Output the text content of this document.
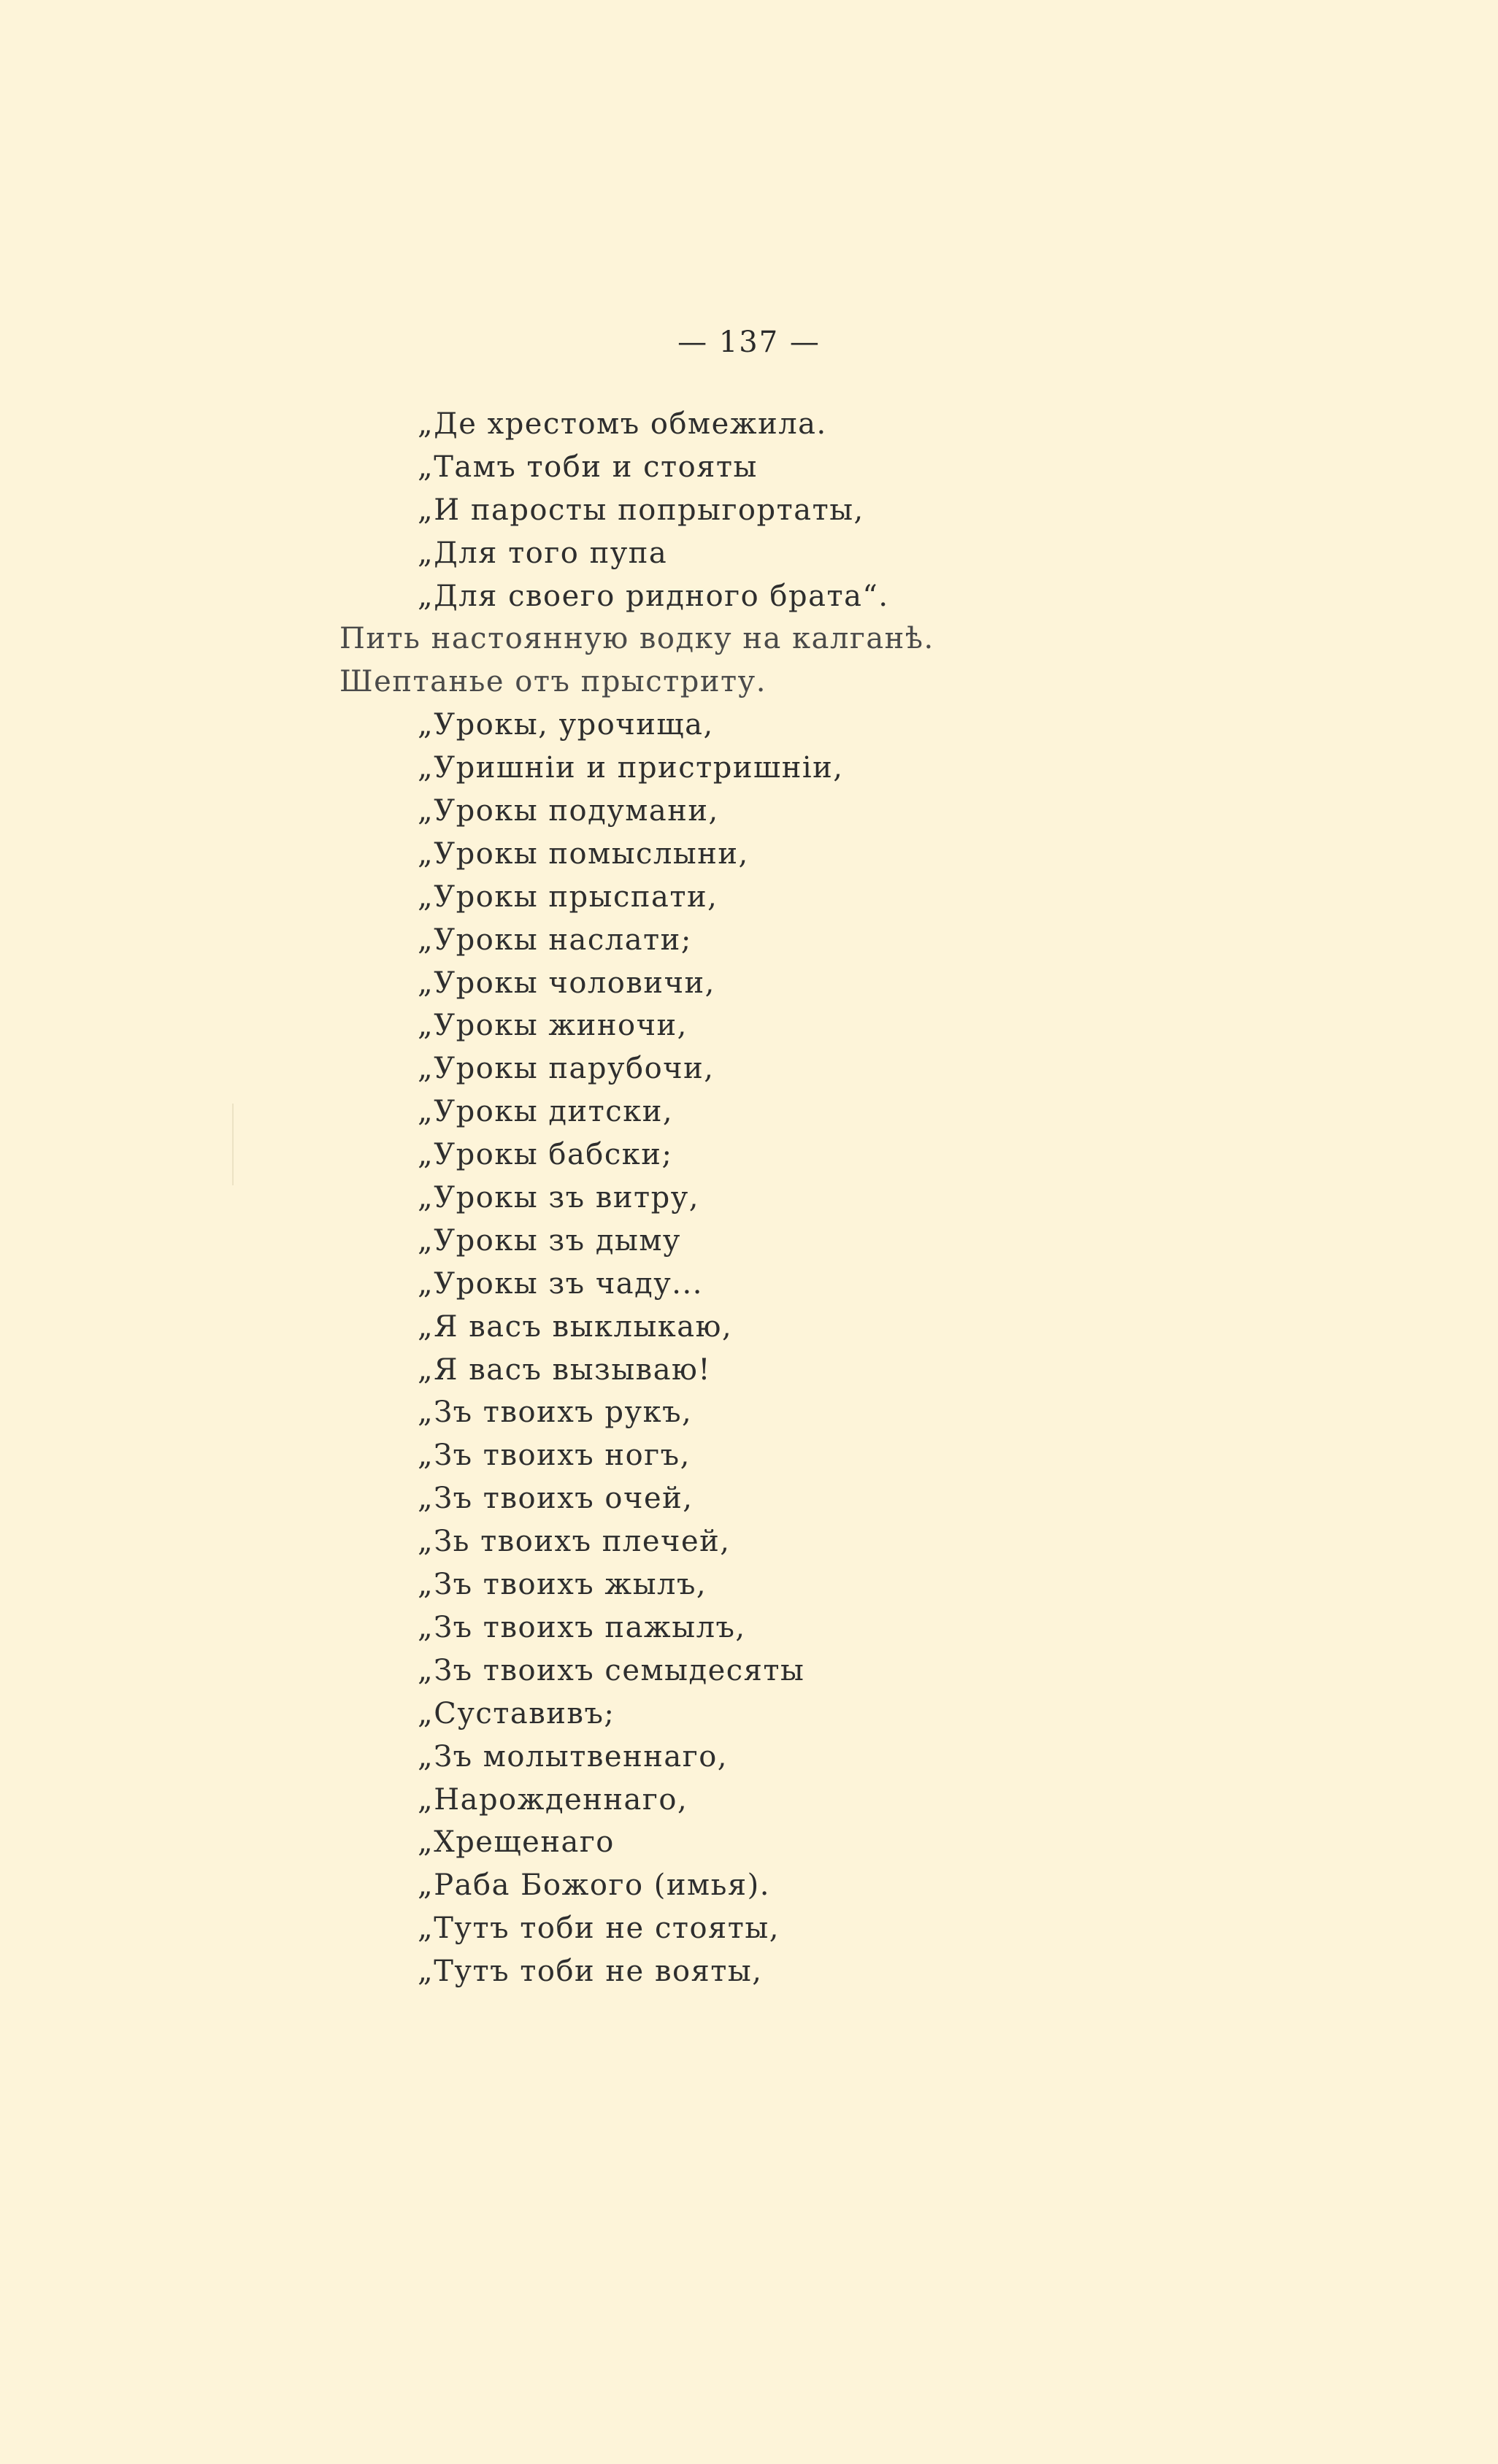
— 137 —
„Де хрестомъ обмежила.
„Тамъ тоби и стояты
„И паросты попрыгортаты,
„Для того пупа
„Для своего ридного брата“.
Пить настоянную водку на калганѣ.
Шептанье отъ прыстриту.
„Урокы, урочища,
„Уришніи и пристришніи,
„Урокы подумани,
„Урокы помыслыни,
„Урокы прыспати,
„Урокы наслати;
„Урокы чоловичи,
„Урокы жиночи,
„Урокы парубочи,
„Урокы дитски,
„Урокы бабски;
„Урокы зъ витру,
„Урокы зъ дыму
„Урокы зъ чаду...
„Я васъ выклыкаю,
„Я васъ вызываю!
„Зъ твоихъ рукъ,
„Зъ твоихъ ногъ,
„Зъ твоихъ очей,
„Зь твоихъ плечей,
„Зъ твоихъ жылъ,
„Зъ твоихъ пажылъ,
„Зъ твоихъ семыдесяты
„Суставивъ;
„Зъ молытвеннаго,
„Нарожденнаго,
„Хрещенаго
„Раба Божого (имья).
„Тутъ тоби не стояты,
„Тутъ тоби не вояты,
